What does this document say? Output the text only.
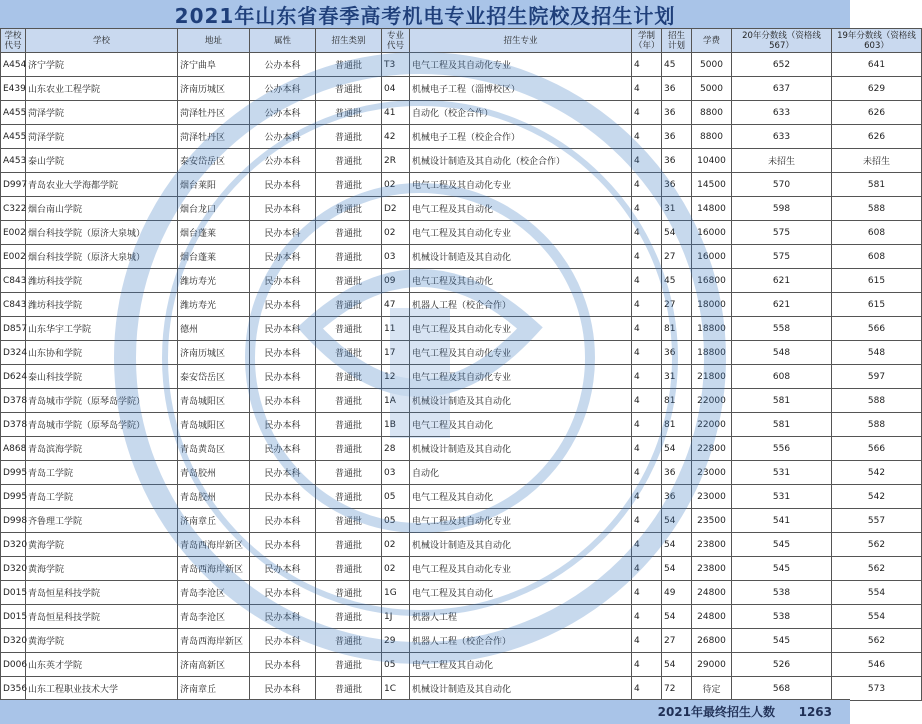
2021年山东省春季高考机电专业招生院校及招生计划
学校代号	学校	地址	属性	招生类别	专业代号	招生专业	学制（年）	招生计划	学费	20年分数线（资格线567）	19年分数线（资格线603）
A454	济宁学院	济宁曲阜	公办本科	普通批	T3	电气工程及其自动化专业	4	45	5000	652	641
E439	山东农业工程学院	济南历城区	公办本科	普通批	04	机械电子工程（淄博校区）	4	36	5000	637	629
A455	菏泽学院	菏泽牡丹区	公办本科	普通批	41	自动化（校企合作）	4	36	8800	633	626
A455	菏泽学院	菏泽牡丹区	公办本科	普通批	42	机械电子工程（校企合作）	4	36	8800	633	626
A453	泰山学院	泰安岱岳区	公办本科	普通批	2R	机械设计制造及其自动化（校企合作）	4	36	10400	未招生	未招生
D997	青岛农业大学海都学院	烟台莱阳	民办本科	普通批	02	电气工程及其自动化专业	4	36	14500	570	581
C322	烟台南山学院	烟台龙口	民办本科	普通批	D2	电气工程及其自动化	4	31	14800	598	588
E002	烟台科技学院（原济大泉城）	烟台蓬莱	民办本科	普通批	02	电气工程及其自动化专业	4	54	16000	575	608
E002	烟台科技学院（原济大泉城）	烟台蓬莱	民办本科	普通批	03	机械设计制造及其自动化	4	27	16000	575	608
C843	潍坊科技学院	潍坊寿光	民办本科	普通批	09	电气工程及其自动化	4	45	16800	621	615
C843	潍坊科技学院	潍坊寿光	民办本科	普通批	47	机器人工程（校企合作）	4	27	18000	621	615
D857	山东华宇工学院	德州	民办本科	普通批	11	电气工程及其自动化专业	4	81	18800	558	566
D324	山东协和学院	济南历城区	民办本科	普通批	17	电气工程及其自动化专业	4	36	18800	548	548
D624	泰山科技学院	泰安岱岳区	民办本科	普通批	12	电气工程及其自动化专业	4	31	21800	608	597
D378	青岛城市学院（原琴岛学院）	青岛城阳区	民办本科	普通批	1A	机械设计制造及其自动化	4	81	22000	581	588
D378	青岛城市学院（原琴岛学院）	青岛城阳区	民办本科	普通批	1B	电气工程及其自动化	4	81	22000	581	588
A868	青岛滨海学院	青岛黄岛区	民办本科	普通批	28	机械设计制造及其自动化	4	54	22800	556	566
D995	青岛工学院	青岛胶州	民办本科	普通批	03	自动化	4	36	23000	531	542
D995	青岛工学院	青岛胶州	民办本科	普通批	05	电气工程及其自动化	4	36	23000	531	542
D998	齐鲁理工学院	济南章丘	民办本科	普通批	05	电气工程及其自动化专业	4	54	23500	541	557
D320	黄海学院	青岛西海岸新区	民办本科	普通批	02	机械设计制造及其自动化	4	54	23800	545	562
D320	黄海学院	青岛西海岸新区	民办本科	普通批	02	电气工程及其自动化专业	4	54	23800	545	562
D015	青岛恒星科技学院	青岛李沧区	民办本科	普通批	1G	电气工程及其自动化	4	49	24800	538	554
D015	青岛恒星科技学院	青岛李沧区	民办本科	普通批	1J	机器人工程	4	54	24800	538	554
D320	黄海学院	青岛西海岸新区	民办本科	普通批	29	机器人工程（校企合作）	4	27	26800	545	562
D006	山东英才学院	济南高新区	民办本科	普通批	05	电气工程及其自动化	4	54	29000	526	546
D356	山东工程职业技术大学	济南章丘	民办本科	普通批	1C	机械设计制造及其自动化	4	72	待定	568	573
2021年最终招生人数 1263
